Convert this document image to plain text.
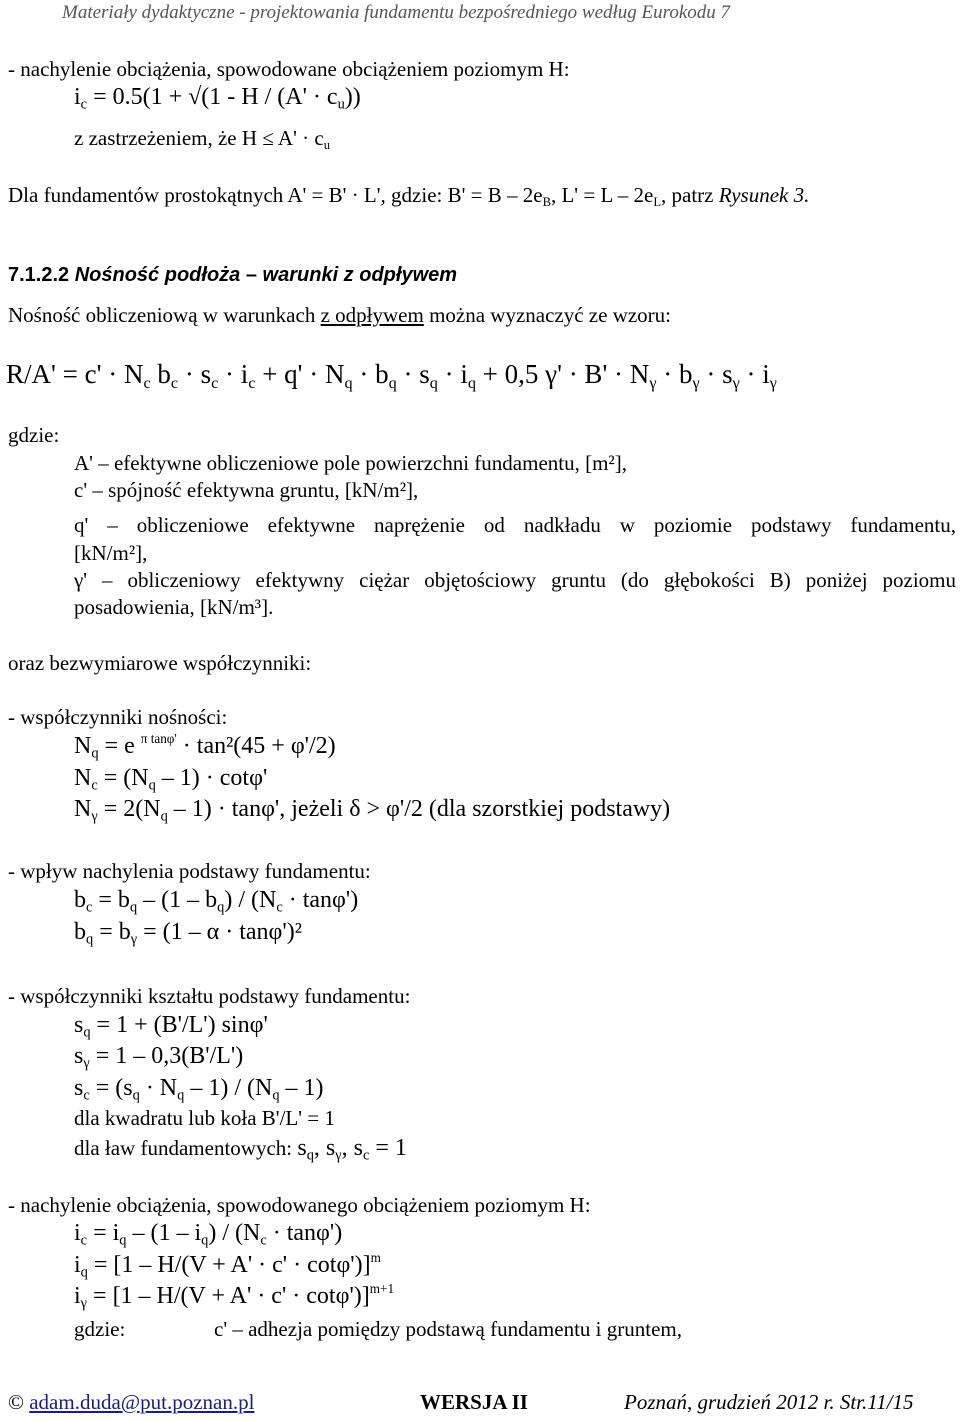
Materiały dydaktyczne - projektowania fundamentu bezpośredniego według Eurokodu 7
- nachylenie obciążenia, spowodowane obciążeniem poziomym H:
$i_c = 0.5(1 + √(1 - H / (A' \cdot c_u))$
z zastrzeżeniem, że $H \le A' \cdot c_u$
Dla fundamentów prostokątnych A' = B' · L', gdzie: $B' = B - 2e_B$, $L' = L - 2e_L$, patrz Rysunek 3.
7.1.2.2 Nośność podłoża – warunki z odpływem
Nośność obliczeniową w warunkach z odpływem można wyznaczyć ze wzoru:
$R/A' = c' \cdot N_c$ $b_c \cdot s_c \cdot i_c + q' \cdot N_q \cdot b_q \cdot s_q \cdot i_q + 0,5$ $\gamma' \cdot B' \cdot N_\gamma \cdot b_\gamma \cdot s_\gamma \cdot i_\gamma$
gdzie:
A' – efektywne obliczeniowe pole powierzchni fundamentu, [m²],
c' – spójność efektywna gruntu, [kN/m²],
q' – obliczeniowe efektywne naprężenie od nadkładu w poziomie podstawy fundamentu,
[kN/m²],
γ' – obliczeniowy efektywny ciężar objętościowy gruntu (do głębokości B) poniżej poziomu
posadowienia, [kN/m³].
oraz bezwymiarowe współczynniki:
- współczynniki nośności:
$N_q = e$ $^{\pi tan\varphi'}$ · tan²(45 + φ'/2)
$N_c = (N_q - 1) \cdot \cot\varphi'$
$N_\gamma = 2(N_q - 1) \cdot \tan\varphi'$, jeżeli δ > φ'/2 (dla szorstkiej podstawy)
- wpływ nachylenia podstawy fundamentu:
$b_c = b_q - (1 - b_q) / (N_c \cdot \tan\varphi')$
$b_q = b_\gamma = (1 - \alpha \cdot \tan\varphi')^2$
- współczynniki kształtu podstawy fundamentu:
$s_q = 1 + (B'/L')$ sinφ'
$s_\gamma = 1 - 0,3(B'/L')$
$s_c = (s_q \cdot N_q - 1) / (N_q - 1)$
dla kwadratu lub koła B'/L' = 1
dla ław fundamentowych: $s_q$, $s_\gamma$, $s_c = 1$
- nachylenie obciążenia, spowodowanego obciążeniem poziomym H:
$i_c = i_q - (1 - i_q) / (N_c \cdot \tan\varphi')$
$i_q = [1 - H/(V + A' \cdot c' \cdot \cot\varphi')]^m$
$i_\gamma = [1 - H/(V + A' \cdot c' \cdot \cot\varphi')]^{m+1}$
gdzie:	c' – adhezja pomiędzy podstawą fundamentu i gruntem,
© adam.duda@put.poznan.pl	WERSJA II	Poznań, grudzień 2012 r. Str.11/15
